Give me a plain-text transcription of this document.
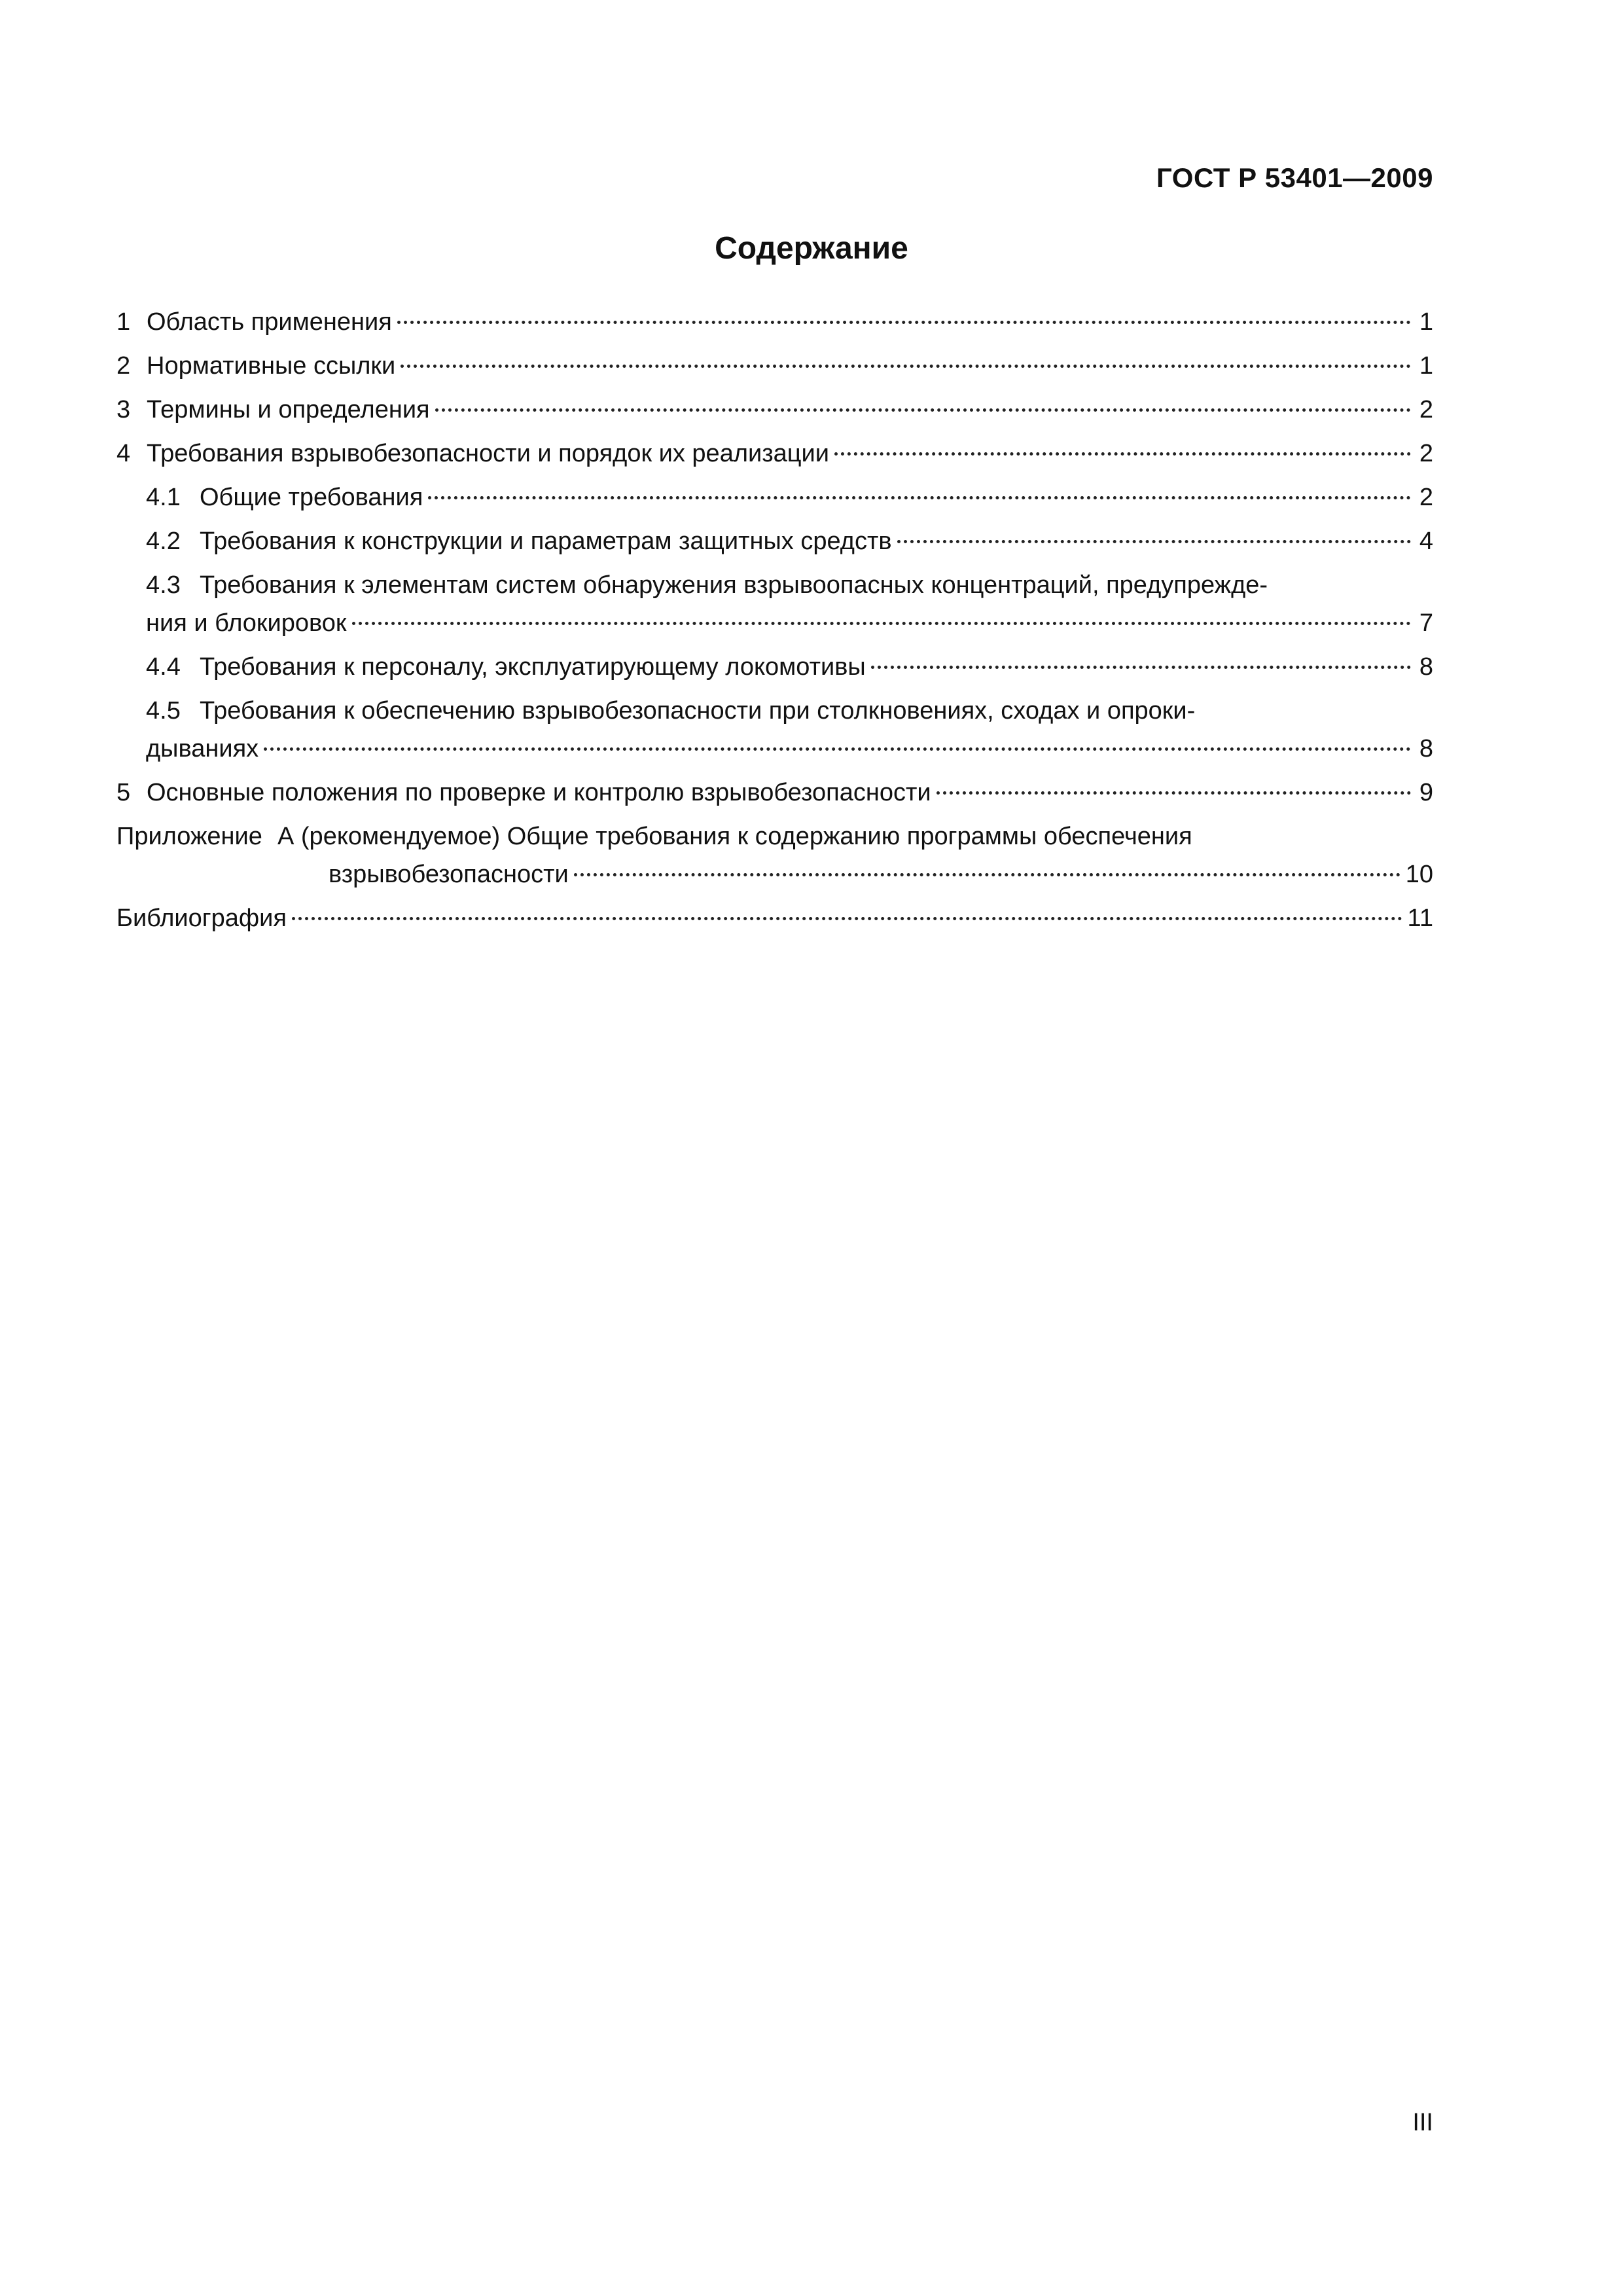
ГОСТ Р 53401—2009
Содержание
1 Область применения	1
2 Нормативные ссылки	1
3 Термины и определения	2
4 Требования взрывобезопасности и порядок их реализации	2
4.1 Общие требования	2
4.2 Требования к конструкции и параметрам защитных средств	4
4.3 Требования к элементам систем обнаружения взрывоопасных концентраций, предупрежде-
ния и блокировок	7
4.4 Требования к персоналу, эксплуатирующему локомотивы	8
4.5 Требования к обеспечению взрывобезопасности при столкновениях, сходах и опроки-
дываниях	8
5 Основные положения по проверке и контролю взрывобезопасности	9
Приложение А (рекомендуемое) Общие требования к содержанию программы обеспечения
взрывобезопасности	10
Библиография	11
III
